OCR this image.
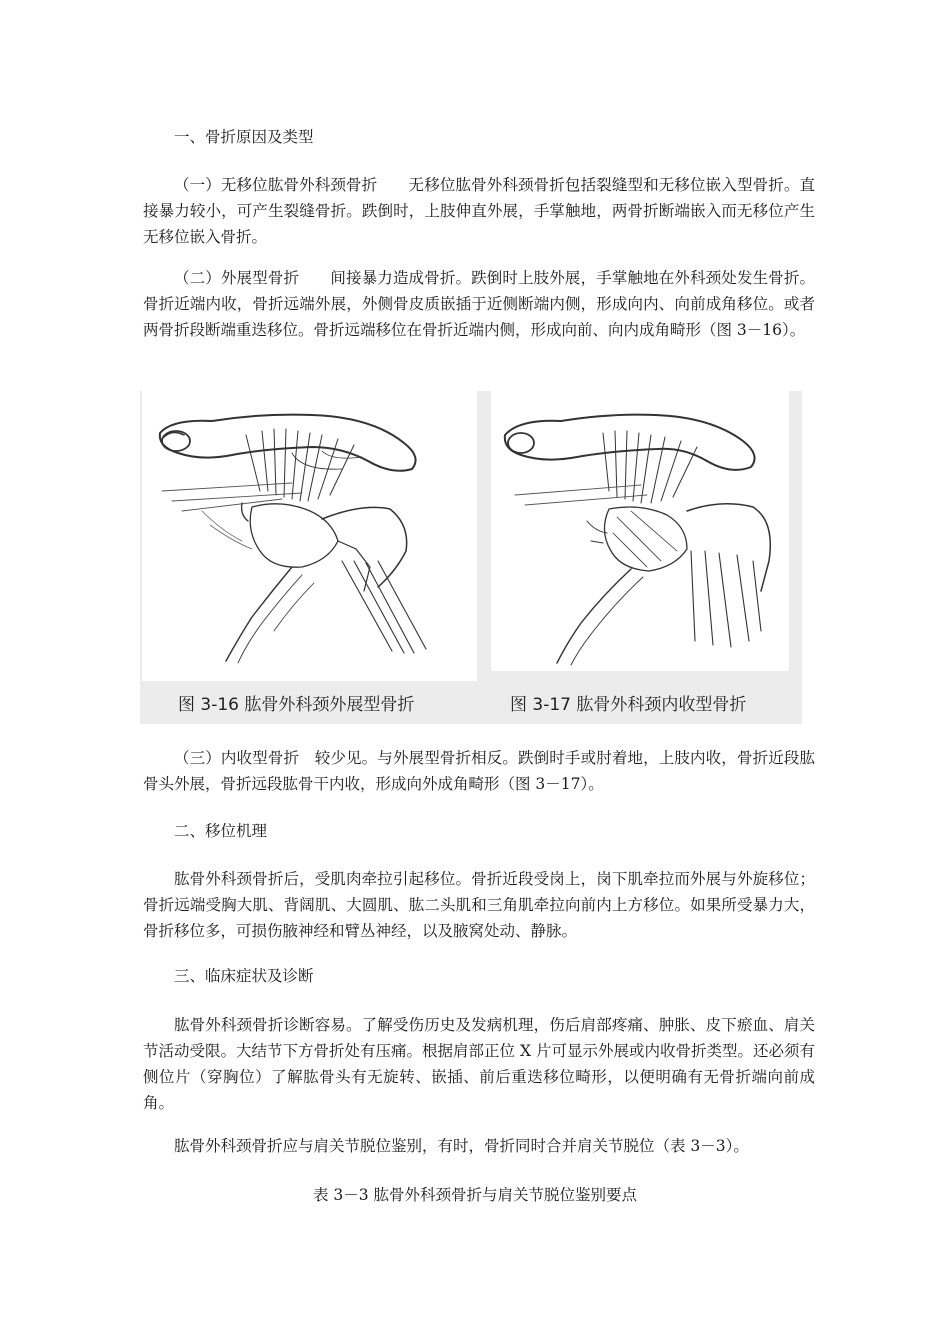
一、骨折原因及类型

（一）无移位肱骨外科颈骨折　　无移位肱骨外科颈骨折包括裂缝型和无移位嵌入型骨折。直接暴力较小，可产生裂缝骨折。跌倒时，上肢伸直外展，手掌触地，两骨折断端嵌入而无移位产生无移位嵌入骨折。

（二）外展型骨折　　间接暴力造成骨折。跌倒时上肢外展，手掌触地在外科颈处发生骨折。骨折近端内收，骨折远端外展，外侧骨皮质嵌插于近侧断端内侧，形成向内、向前成角移位。或者两骨折段断端重迭移位。骨折远端移位在骨折近端内侧，形成向前、向内成角畸形（图 3－16）。

图 3-16 肱骨外科颈外展型骨折	图 3-17 肱骨外科颈内收型骨折

（三）内收型骨折　较少见。与外展型骨折相反。跌倒时手或肘着地，上肢内收，骨折近段肱骨头外展，骨折远段肱骨干内收，形成向外成角畸形（图 3－17）。

二、移位机理

肱骨外科颈骨折后，受肌肉牵拉引起移位。骨折近段受岗上，岗下肌牵拉而外展与外旋移位；骨折远端受胸大肌、背阔肌、大圆肌、肱二头肌和三角肌牵拉向前内上方移位。如果所受暴力大，骨折移位多，可损伤腋神经和臂丛神经，以及腋窝处动、静脉。

三、临床症状及诊断

肱骨外科颈骨折诊断容易。了解受伤历史及发病机理，伤后肩部疼痛、肿胀、皮下瘀血、肩关节活动受限。大结节下方骨折处有压痛。根据肩部正位 X 片可显示外展或内收骨折类型。还必须有侧位片（穿胸位）了解肱骨头有无旋转、嵌插、前后重迭移位畸形，以便明确有无骨折端向前成角。

肱骨外科颈骨折应与肩关节脱位鉴别，有时，骨折同时合并肩关节脱位（表 3－3）。

表 3－3 肱骨外科颈骨折与肩关节脱位鉴别要点
